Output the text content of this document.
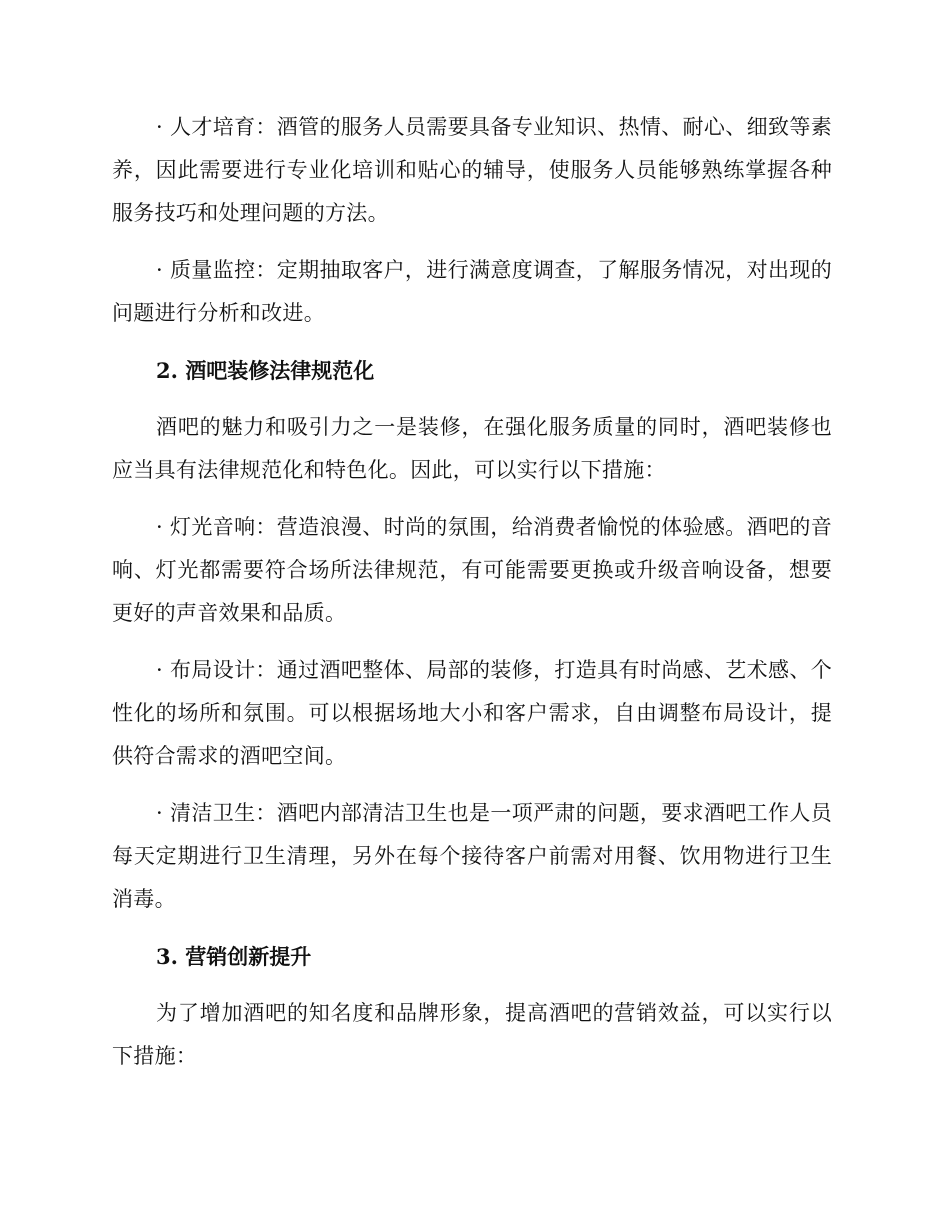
· 人才培育：酒管的服务人员需要具备专业知识、热情、耐心、细致等素养，因此需要进行专业化培训和贴心的辅导，使服务人员能够熟练掌握各种服务技巧和处理问题的方法。

· 质量监控：定期抽取客户，进行满意度调查，了解服务情况，对出现的问题进行分析和改进。

2. 酒吧装修法律规范化

酒吧的魅力和吸引力之一是装修，在强化服务质量的同时，酒吧装修也应当具有法律规范化和特色化。因此，可以实行以下措施：

· 灯光音响：营造浪漫、时尚的氛围，给消费者愉悦的体验感。酒吧的音响、灯光都需要符合场所法律规范，有可能需要更换或升级音响设备，想要更好的声音效果和品质。

· 布局设计：通过酒吧整体、局部的装修，打造具有时尚感、艺术感、个性化的场所和氛围。可以根据场地大小和客户需求，自由调整布局设计，提供符合需求的酒吧空间。

· 清洁卫生：酒吧内部清洁卫生也是一项严肃的问题，要求酒吧工作人员每天定期进行卫生清理，另外在每个接待客户前需对用餐、饮用物进行卫生消毒。

3. 营销创新提升

为了增加酒吧的知名度和品牌形象，提高酒吧的营销效益，可以实行以下措施：
